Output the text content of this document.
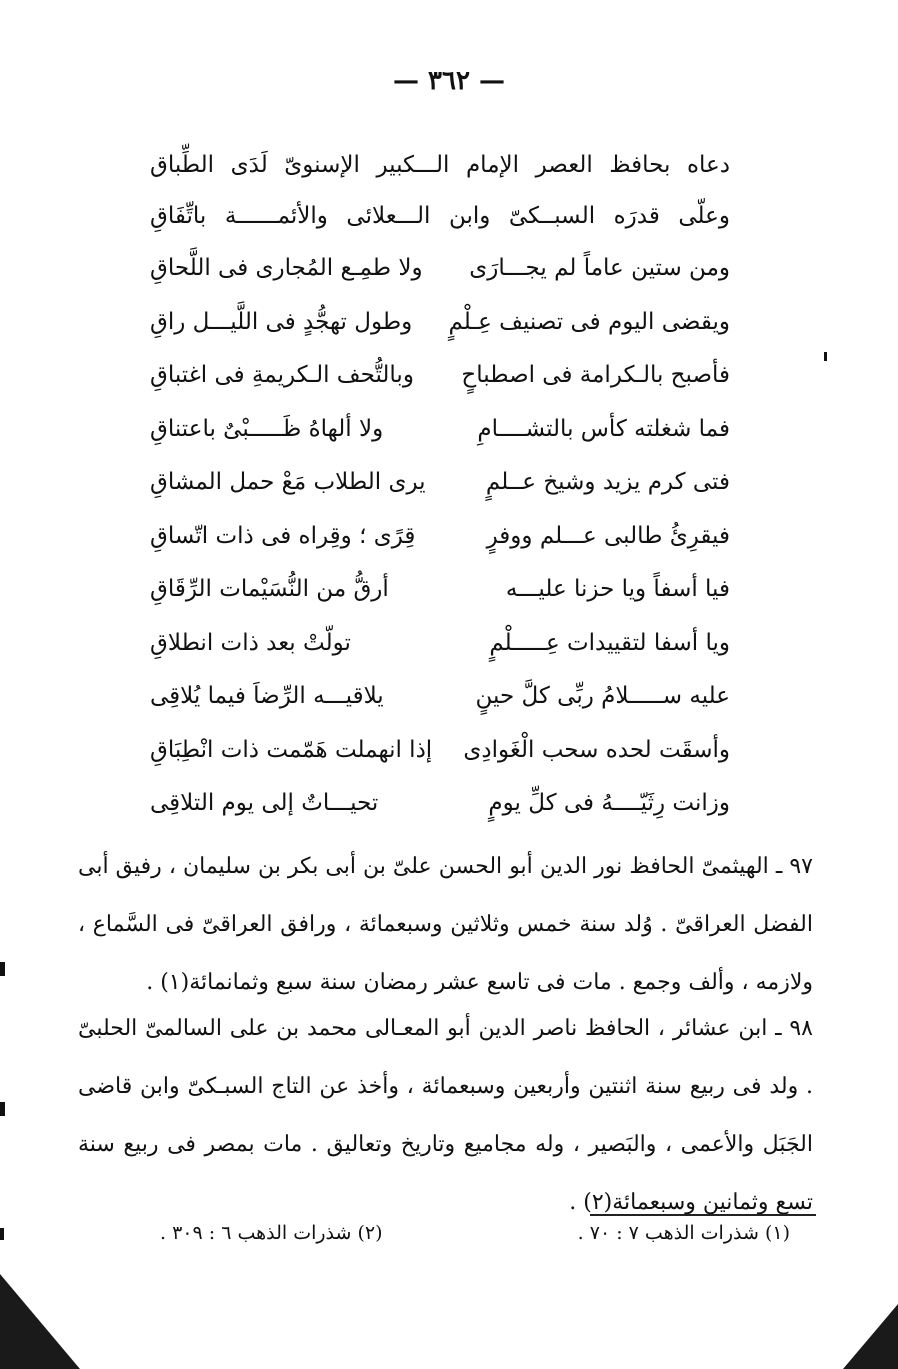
— ٣٦٢ —
دعاه بحافظ العصر الإمام الـــكبير الإسنوىّ لَدَى الطِّباق
وعلّى قدرَه السبــكىّ وابن الـــعلائى والأئمــــــة باتِّفَاقِ
ومن ستين عاماً لم يجـــارَى
ولا طمِـع المُجارى فى اللَّحاقِ
ويقضى اليوم فى تصنيف عِـلْمٍ
وطول تهجُّدٍ فى اللَّيـــل راقِ
فأصبح بالـكرامة فى اصطباحٍ
وبالتُّحف الـكريمةِ فى اغتباقِ
فما شغلته كأس بالتشــــامِ
ولا ألهاهُ ظَـــــبْىٌ باعتناقِ
فتى كرم يزيد وشيخ عــلمٍ
يرى الطلاب مَعْ حمل المشاقِ
فيقرِئُ طالبى عـــلم ووفرٍ
قِرًى ؛ وقِراه فى ذات اتّساقِ
فيا أسفاً ويا حزنا عليـــه
أرقُّ من النُّسَيْمات الرِّقَاقِ
ويا أسفا لتقييدات عِـــــلْمٍ
تولّتْ بعد ذات انطلاقِ
عليه ســـــلامُ ربِّى كلَّ حينٍ
يلاقيـــه الرِّضاَ فيما يُلاقِى
وأسقَت لحده سحب الْغَوادِى
إذا انهملت هَمّمت ذات انْطِبَاقِ
وزانت رِثَيّــــهُ فى كلِّ يومٍ
تحيـــاتٌ إلى يوم التلاقِى
٩٧ ـ الهيثمىّ الحافظ نور الدين أبو الحسن علىّ بن أبى بكر بن سليمان ، رفيق أبى الفضل العراقىّ . وُلد سنة خمس وثلاثين وسبعمائة ، ورافق العراقىّ فى السَّماع ، ولازمه ، وألف وجمع . مات فى تاسع عشر رمضان سنة سبع وثمانمائة(١) .
٩٨ ـ ابن عشائر ، الحافظ ناصر الدين أبو المعـالى محمد بن على السالمىّ الحلبىّ . ولد فى ربيع سنة اثنتين وأربعين وسبعمائة ، وأخذ عن التاج السبـكىّ وابن قاضى الجَبَل والأعمى ، والبَصير ، وله مجاميع وتاريخ وتعاليق . مات بمصر فى ربيع سنة تسع وثمانين وسبعمائة(٢) .
(١) شذرات الذهب ٧ : ٧٠ .
(٢) شذرات الذهب ٦ : ٣٠٩ .
